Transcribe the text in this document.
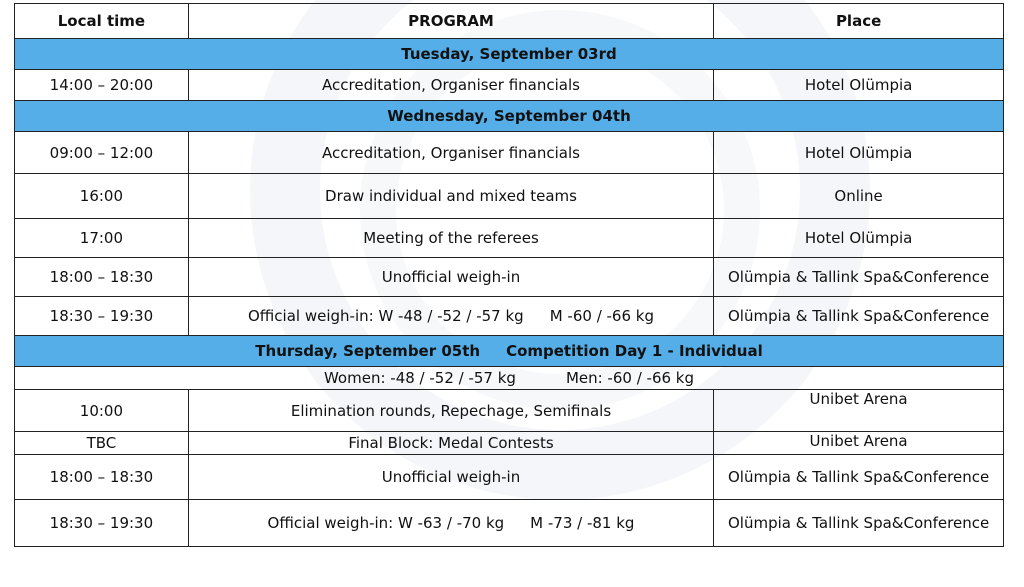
Local time	PROGRAM	Place
Tuesday, September 03rd		
14:00 – 20:00	Accreditation, Organiser financials	Hotel Olümpia
Wednesday, September 04th		
09:00 – 12:00	Accreditation, Organiser financials	Hotel Olümpia
16:00	Draw individual and mixed teams	Online
17:00	Meeting of the referees	Hotel Olümpia
18:00 – 18:30	Unofficial weigh-in	Olümpia & Tallink Spa&Conference
18:30 – 19:30	Official weigh-in: W -48 / -52 / -57 kg M -60 / -66 kg	Olümpia & Tallink Spa&Conference
Thursday, September 05th Competition Day 1 - Individual		
Women: -48 / -52 / -57 kg Men: -60 / -66 kg		
10:00	Elimination rounds, Repechage, Semifinals	Unibet Arena
TBC	Final Block: Medal Contests	Unibet Arena
18:00 – 18:30	Unofficial weigh-in	Olümpia & Tallink Spa&Conference
18:30 – 19:30	Official weigh-in: W -63 / -70 kg M -73 / -81 kg	Olümpia & Tallink Spa&Conference
